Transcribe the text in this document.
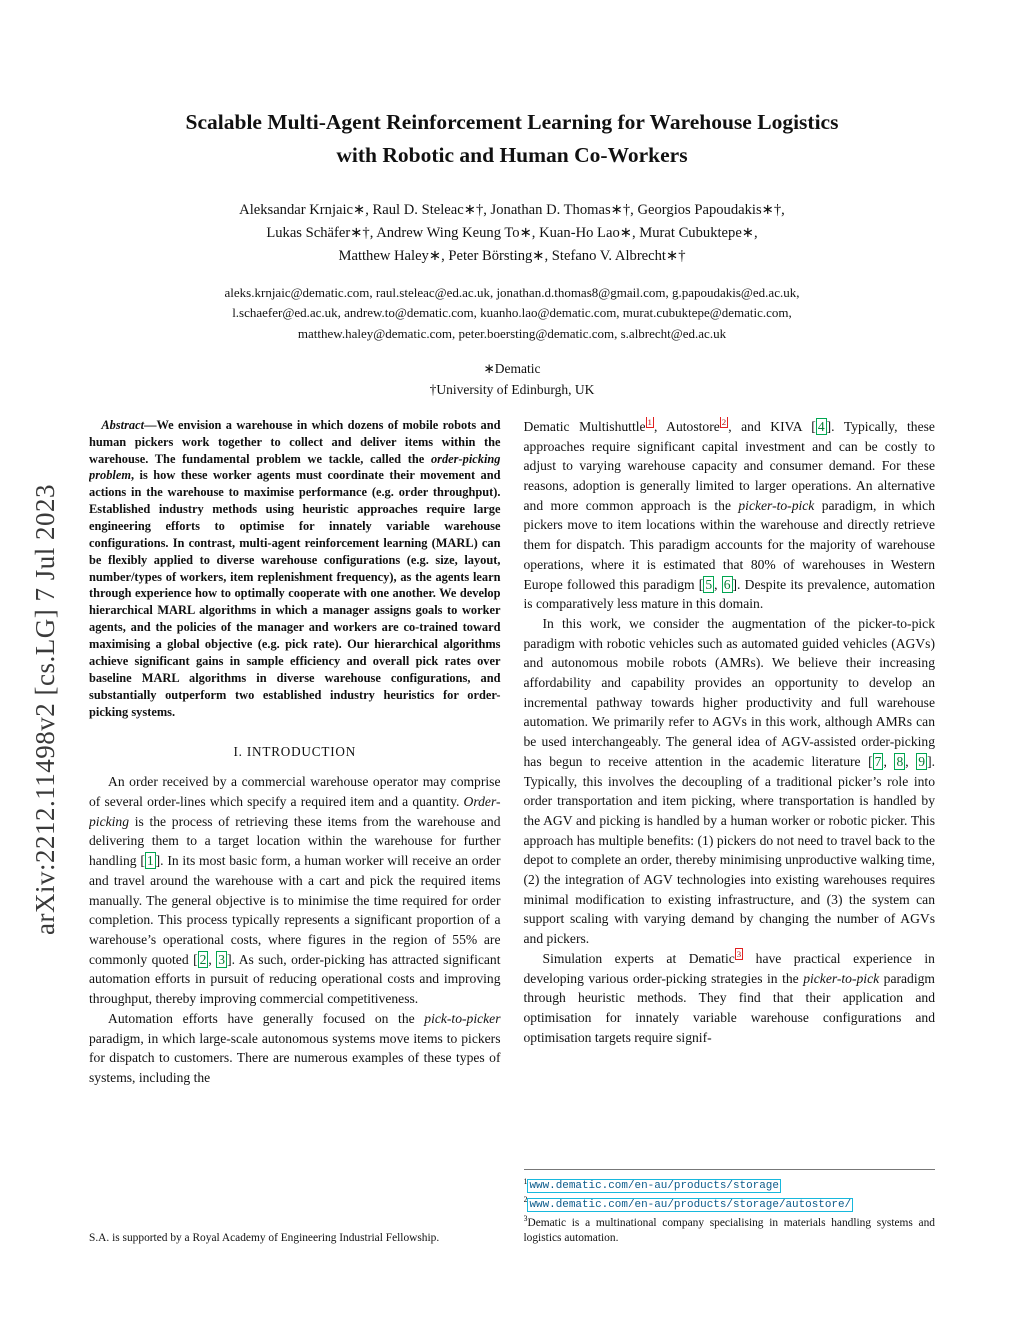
arXiv:2212.11498v2 [cs.LG] 7 Jul 2023
Scalable Multi-Agent Reinforcement Learning for Warehouse Logistics
with Robotic and Human Co-Workers
Aleksandar Krnjaic∗, Raul D. Steleac∗†, Jonathan D. Thomas∗†, Georgios Papoudakis∗†,
Lukas Schäfer∗†, Andrew Wing Keung To∗, Kuan-Ho Lao∗, Murat Cubuktepe∗,
Matthew Haley∗, Peter Börsting∗, Stefano V. Albrecht∗†
aleks.krnjaic@dematic.com, raul.steleac@ed.ac.uk, jonathan.d.thomas8@gmail.com, g.papoudakis@ed.ac.uk,
l.schaefer@ed.ac.uk, andrew.to@dematic.com, kuanho.lao@dematic.com, murat.cubuktepe@dematic.com,
matthew.haley@dematic.com, peter.boersting@dematic.com, s.albrecht@ed.ac.uk
∗Dematic
†University of Edinburgh, UK

Abstract—We envision a warehouse in which dozens of mobile robots and human pickers work together to collect and deliver items within the warehouse. The fundamental problem we tackle, called the order-picking problem, is how these worker agents must coordinate their movement and actions in the warehouse to maximise performance (e.g. order throughput). Established industry methods using heuristic approaches require large engineering efforts to optimise for innately variable warehouse configurations. In contrast, multi-agent reinforcement learning (MARL) can be flexibly applied to diverse warehouse configurations (e.g. size, layout, number/types of workers, item replenishment frequency), as the agents learn through experience how to optimally cooperate with one another. We develop hierarchical MARL algorithms in which a manager assigns goals to worker agents, and the policies of the manager and workers are co-trained toward maximising a global objective (e.g. pick rate). Our hierarchical algorithms achieve significant gains in sample efficiency and overall pick rates over baseline MARL algorithms in diverse warehouse configurations, and substantially outperform two established industry heuristics for order-picking systems.

I. INTRODUCTION

An order received by a commercial warehouse operator may comprise of several order-lines which specify a required item and a quantity. Order-picking is the process of retrieving these items from the warehouse and delivering them to a target location within the warehouse for further handling [ 1 ]. In its most basic form, a human worker will receive an order and travel around the warehouse with a cart and pick the required items manually. The general objective is to minimise the time required for order completion. This process typically represents a significant proportion of a warehouse’s operational costs, where figures in the region of 55% are commonly quoted [ 2 , 3 ]. As such, order-picking has attracted significant automation efforts in pursuit of reducing operational costs and improving throughput, thereby improving commercial competitiveness.

Automation efforts have generally focused on the pick-to-picker paradigm, in which large-scale autonomous systems move items to pickers for dispatch to customers. There are numerous examples of these types of systems, including the

S.A. is supported by a Royal Academy of Engineering Industrial Fellowship.

Dematic Multishuttle $^1$ , Autostore $^2$ , and KIVA [ 4 ]. Typically, these approaches require significant capital investment and can be costly to adjust to varying warehouse capacity and consumer demand. For these reasons, adoption is generally limited to larger operations. An alternative and more common approach is the picker-to-pick paradigm, in which pickers move to item locations within the warehouse and directly retrieve them for dispatch. This paradigm accounts for the majority of warehouse operations, where it is estimated that 80% of warehouses in Western Europe followed this paradigm [ 5 , 6 ]. Despite its prevalence, automation is comparatively less mature in this domain.

In this work, we consider the augmentation of the picker-to-pick paradigm with robotic vehicles such as automated guided vehicles (AGVs) and autonomous mobile robots (AMRs). We believe their increasing affordability and capability provides an opportunity to develop an incremental pathway towards higher productivity and full warehouse automation. We primarily refer to AGVs in this work, although AMRs can be used interchangeably. The general idea of AGV-assisted order-picking has begun to receive attention in the academic literature [ 7 , 8 , 9 ]. Typically, this involves the decoupling of a traditional picker’s role into order transportation and item picking, where transportation is handled by the AGV and picking is handled by a human worker or robotic picker. This approach has multiple benefits: (1) pickers do not need to travel back to the depot to complete an order, thereby minimising unproductive walking time, (2) the integration of AGV technologies into existing warehouses requires minimal modification to existing infrastructure, and (3) the system can support scaling with varying demand by changing the number of AGVs and pickers.

Simulation experts at Dematic $^3$ have practical experience in developing various order-picking strategies in the picker-to-pick paradigm through heuristic methods. They find that their application and optimisation for innately variable warehouse configurations and optimisation targets require signif-

$^1$ www.dematic.com/en-au/products/storage

$^2$ www.dematic.com/en-au/products/storage/autostore/

$^3$Dematic is a multinational company specialising in materials handling systems and logistics automation.
